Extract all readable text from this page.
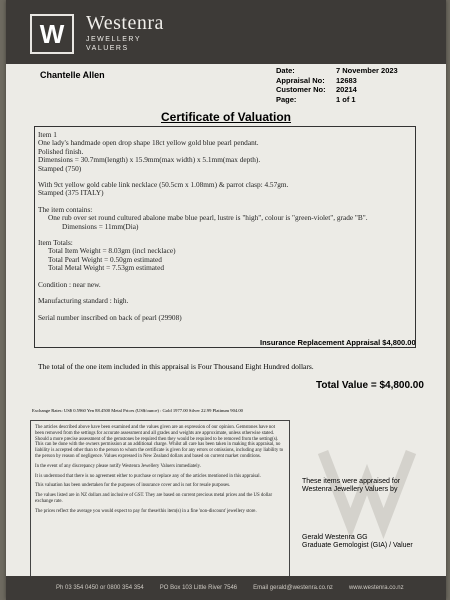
W Westenra
JEWELLERY
VALUERS
Chantelle Allen	Date:	7 November 2023
Appraisal No:	12683
Customer No:	20214
Page:	1 of 1
Certificate of Valuation
Item 1
One lady's handmade open drop shape 18ct yellow gold blue pearl pendant.
Polished finish.
Dimensions = 30.7mm(length) x 15.9mm(max width) x 5.1mm(max depth).
Stamped (750)
With 9ct yellow gold cable link necklace (50.5cm x 1.08mm) & parrot clasp: 4.57gm.
Stamped (375 ITALY)
The item contains:
One rub over set round cultured abalone mabe blue pearl, lustre is "high", colour is "green-violet", grade "B".
Dimensions = 11mm(Dia)
Item Totals:
Total Item Weight = 8.03gm (incl necklace)
Total Pearl Weight = 0.50gm estimated
Total Metal Weight = 7.53gm estimated
Condition : near new.
Manufacturing standard : high.
Serial number inscribed on back of pearl (29908)
Insurance Replacement Appraisal $4,800.00
The total of the one item included in this appraisal is Four Thousand Eight Hundred dollars.
Total Value = $4,800.00
Exchange Rates: US$ 0.5960 Yen 88.4500 Metal Prices (US$/ounce) : Gold 1977.00 Silver 22.99 Platinum 904.00

The articles described above have been examined and the values given are an expression of our opinion. Gemstones have not been removed from the settings for accurate assessment and all grades and weights are approximate, unless otherwise stated. Should a more precise assessment of the gemstones be required then they would be required to be removed from the setting(s). This can be done with the owners permission at an additional charge. Whilst all care has been taken in making this appraisal, no liability is accepted other than to the person to whom the certificate is given for any errors or omissions, including any liability to the person by reason of negligence. Values expressed in New Zealand dollars and based on current market conditions.

In the event of any discrepancy please notify Westenra Jewellery Valuers immediately.

It is understood that there is no agreement either to purchase or replace any of the articles mentioned in this appraisal.

This valuation has been undertaken for the purposes of insurance cover and is not for resale purposes.

The values listed are in NZ dollars and inclusive of GST. They are based on current precious metal prices and the US dollar exchange rate.

The prices reflect the average you would expect to pay for these/this item(s) in a fine 'non-discount' jewellery store.

These items were appraised for
Westenra Jewellery Valuers by
Gerald Westenra GG
Graduate Gemologist (GIA) / Valuer
Ph 03 354 0450 or 0800 354 354	PO Box 103 Little River 7546	Email gerald@westenra.co.nz	www.westenra.co.nz
